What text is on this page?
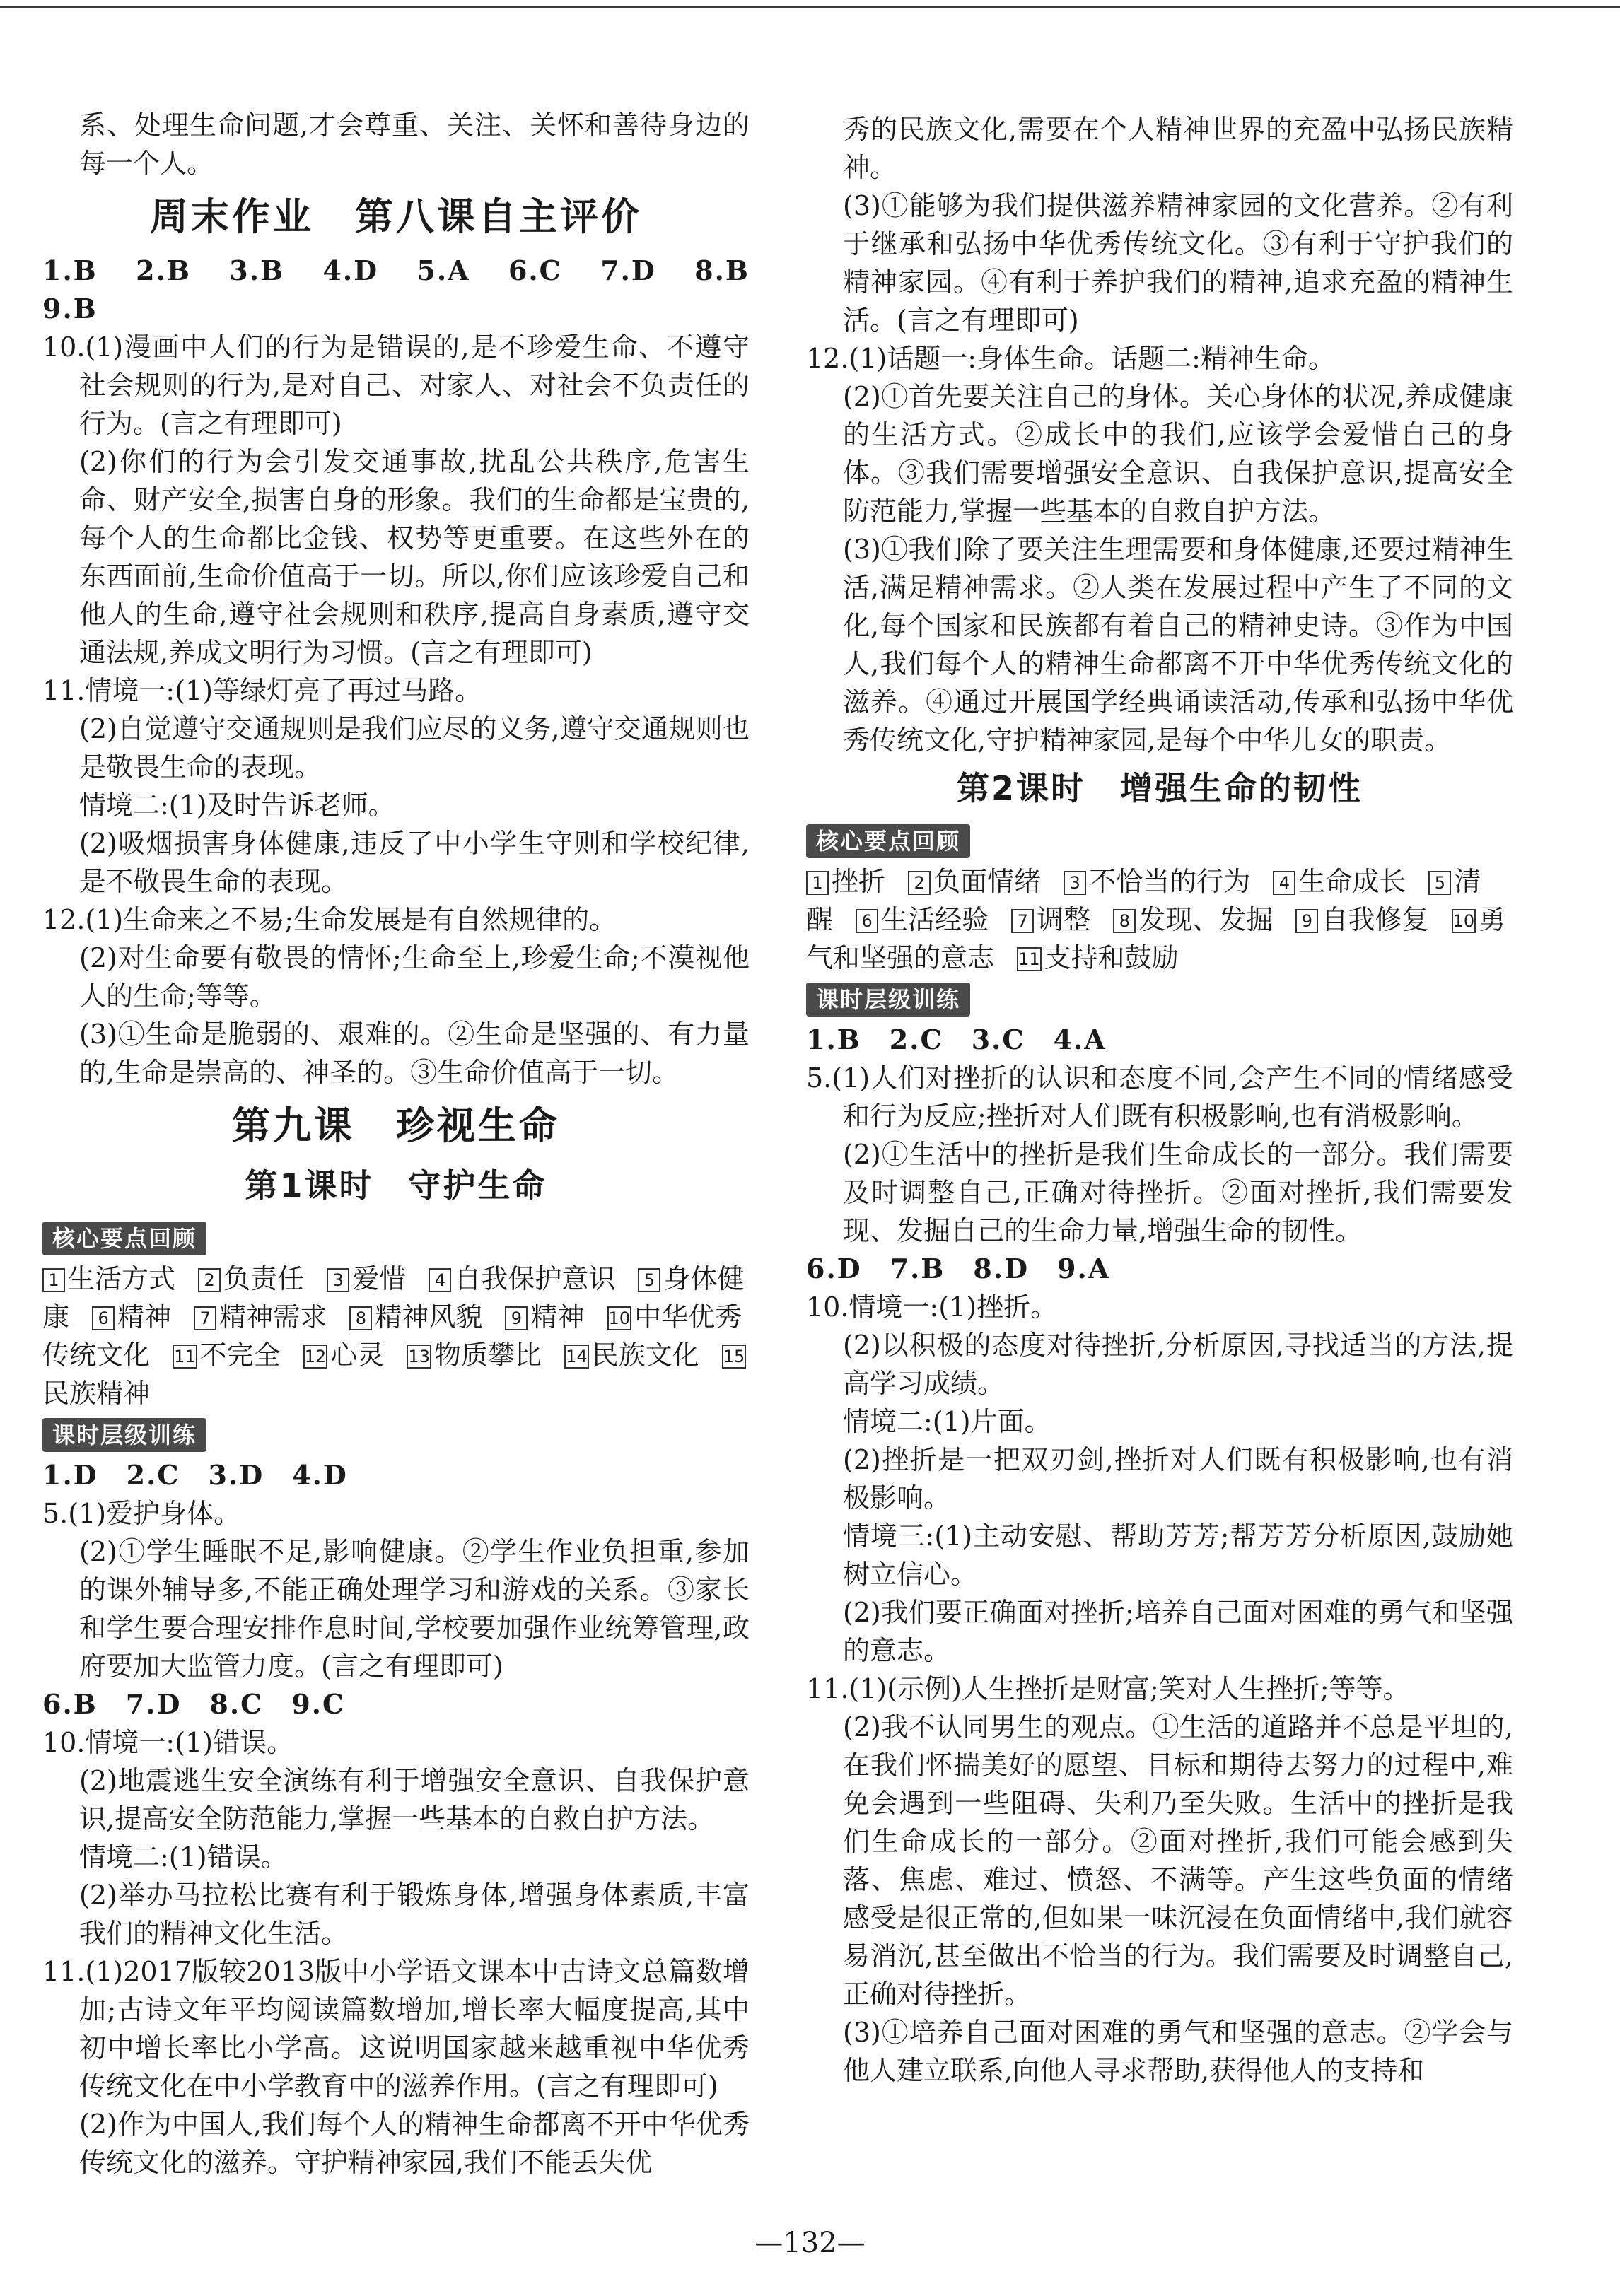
系、处理生命问题,才会尊重、关注、关怀和善待身边的每一个人。

周末作业　第八课自主评价

1.B　2.B　3.B　4.D　5.A　6.C　7.D　8.B　9.B

10.(1)漫画中人们的行为是错误的,是不珍爱生命、不遵守社会规则的行为,是对自己、对家人、对社会不负责任的行为。(言之有理即可)

(2)你们的行为会引发交通事故,扰乱公共秩序,危害生命、财产安全,损害自身的形象。我们的生命都是宝贵的,每个人的生命都比金钱、权势等更重要。在这些外在的东西面前,生命价值高于一切。所以,你们应该珍爱自己和他人的生命,遵守社会规则和秩序,提高自身素质,遵守交通法规,养成文明行为习惯。(言之有理即可)

11.情境一:(1)等绿灯亮了再过马路。

(2)自觉遵守交通规则是我们应尽的义务,遵守交通规则也是敬畏生命的表现。

情境二:(1)及时告诉老师。

(2)吸烟损害身体健康,违反了中小学生守则和学校纪律,是不敬畏生命的表现。

12.(1)生命来之不易;生命发展是有自然规律的。

(2)对生命要有敬畏的情怀;生命至上,珍爱生命;不漠视他人的生命;等等。

(3)①生命是脆弱的、艰难的。②生命是坚强的、有力量的,生命是崇高的、神圣的。③生命价值高于一切。

第九课　珍视生命
第1课时　守护生命
核心要点回顾

1 生活方式 2 负责任 3 爱惜 4 自我保护意识 5 身体健康 6 精神 7 精神需求 8 精神风貌 9 精神 10 中华优秀传统文化 11 不完全 12 心灵 13 物质攀比 14 民族文化 15民族精神

课时层级训练

1.D　2.C　3.D　4.D

5.(1)爱护身体。

(2)①学生睡眠不足,影响健康。②学生作业负担重,参加的课外辅导多,不能正确处理学习和游戏的关系。③家长和学生要合理安排作息时间,学校要加强作业统筹管理,政府要加大监管力度。(言之有理即可)

6.B　7.D　8.C　9.C

10.情境一:(1)错误。

(2)地震逃生安全演练有利于增强安全意识、自我保护意识,提高安全防范能力,掌握一些基本的自救自护方法。

情境二:(1)错误。

(2)举办马拉松比赛有利于锻炼身体,增强身体素质,丰富我们的精神文化生活。

11.(1)2017版较2013版中小学语文课本中古诗文总篇数增加;古诗文年平均阅读篇数增加,增长率大幅度提高,其中初中增长率比小学高。这说明国家越来越重视中华优秀传统文化在中小学教育中的滋养作用。(言之有理即可)

(2)作为中国人,我们每个人的精神生命都离不开中华优秀传统文化的滋养。守护精神家园,我们不能丢失优

秀的民族文化,需要在个人精神世界的充盈中弘扬民族精神。

(3)①能够为我们提供滋养精神家园的文化营养。②有利于继承和弘扬中华优秀传统文化。③有利于守护我们的精神家园。④有利于养护我们的精神,追求充盈的精神生活。(言之有理即可)

12.(1)话题一:身体生命。话题二:精神生命。

(2)①首先要关注自己的身体。关心身体的状况,养成健康的生活方式。②成长中的我们,应该学会爱惜自己的身体。③我们需要增强安全意识、自我保护意识,提高安全防范能力,掌握一些基本的自救自护方法。

(3)①我们除了要关注生理需要和身体健康,还要过精神生活,满足精神需求。②人类在发展过程中产生了不同的文化,每个国家和民族都有着自己的精神史诗。③作为中国人,我们每个人的精神生命都离不开中华优秀传统文化的滋养。④通过开展国学经典诵读活动,传承和弘扬中华优秀传统文化,守护精神家园,是每个中华儿女的职责。

第2课时　增强生命的韧性
核心要点回顾

1 挫折 2 负面情绪 3 不恰当的行为 4 生命成长 5 清醒 6 生活经验 7 调整 8 发现、发掘 9 自我修复 10 勇气和坚强的意志 11 支持和鼓励

课时层级训练

1.B　2.C　3.C　4.A

5.(1)人们对挫折的认识和态度不同,会产生不同的情绪感受和行为反应;挫折对人们既有积极影响,也有消极影响。

(2)①生活中的挫折是我们生命成长的一部分。我们需要及时调整自己,正确对待挫折。②面对挫折,我们需要发现、发掘自己的生命力量,增强生命的韧性。

6.D　7.B　8.D　9.A

10.情境一:(1)挫折。

(2)以积极的态度对待挫折,分析原因,寻找适当的方法,提高学习成绩。

情境二:(1)片面。

(2)挫折是一把双刃剑,挫折对人们既有积极影响,也有消极影响。

情境三:(1)主动安慰、帮助芳芳;帮芳芳分析原因,鼓励她树立信心。

(2)我们要正确面对挫折;培养自己面对困难的勇气和坚强的意志。

11.(1)(示例)人生挫折是财富;笑对人生挫折;等等。

(2)我不认同男生的观点。①生活的道路并不总是平坦的,在我们怀揣美好的愿望、目标和期待去努力的过程中,难免会遇到一些阻碍、失利乃至失败。生活中的挫折是我们生命成长的一部分。②面对挫折,我们可能会感到失落、焦虑、难过、愤怒、不满等。产生这些负面的情绪感受是很正常的,但如果一味沉浸在负面情绪中,我们就容易消沉,甚至做出不恰当的行为。我们需要及时调整自己,正确对待挫折。

(3)①培养自己面对困难的勇气和坚强的意志。②学会与他人建立联系,向他人寻求帮助,获得他人的支持和

—132—
